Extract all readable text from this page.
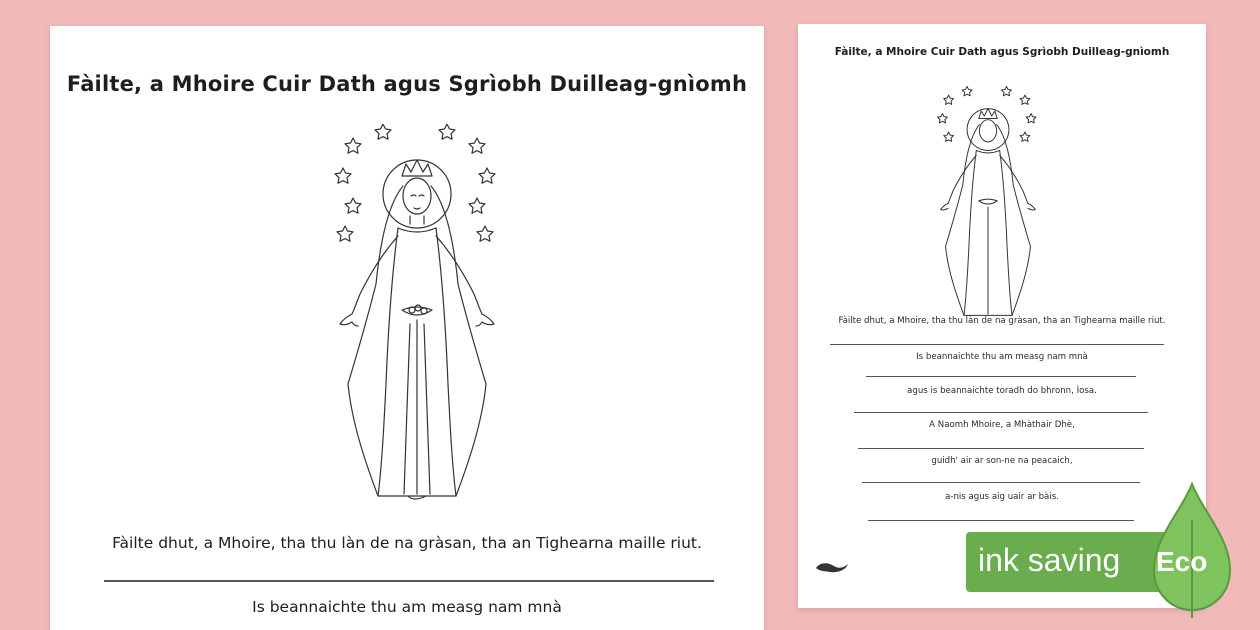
Fàilte, a Mhoire Cuir Dath agus Sgrìobh Duilleag-gnìomh
Fàilte dhut, a Mhoire, tha thu làn de na gràsan, tha an Tighearna maille riut.
Is beannaichte thu am measg nam mnà
Fàilte, a Mhoire Cuir Dath agus Sgrìobh Duilleag-gnìomh
Fàilte dhut, a Mhoire, tha thu làn de na gràsan, tha an Tighearna maille riut.
Is beannaichte thu am measg nam mnà
agus is beannaichte toradh do bhronn, Ìosa.
A Naomh Mhoire, a Mhàthair Dhè,
guidh' air ar son-ne na peacaich,
a-nis agus aig uair ar bàis.
ink saving Eco
